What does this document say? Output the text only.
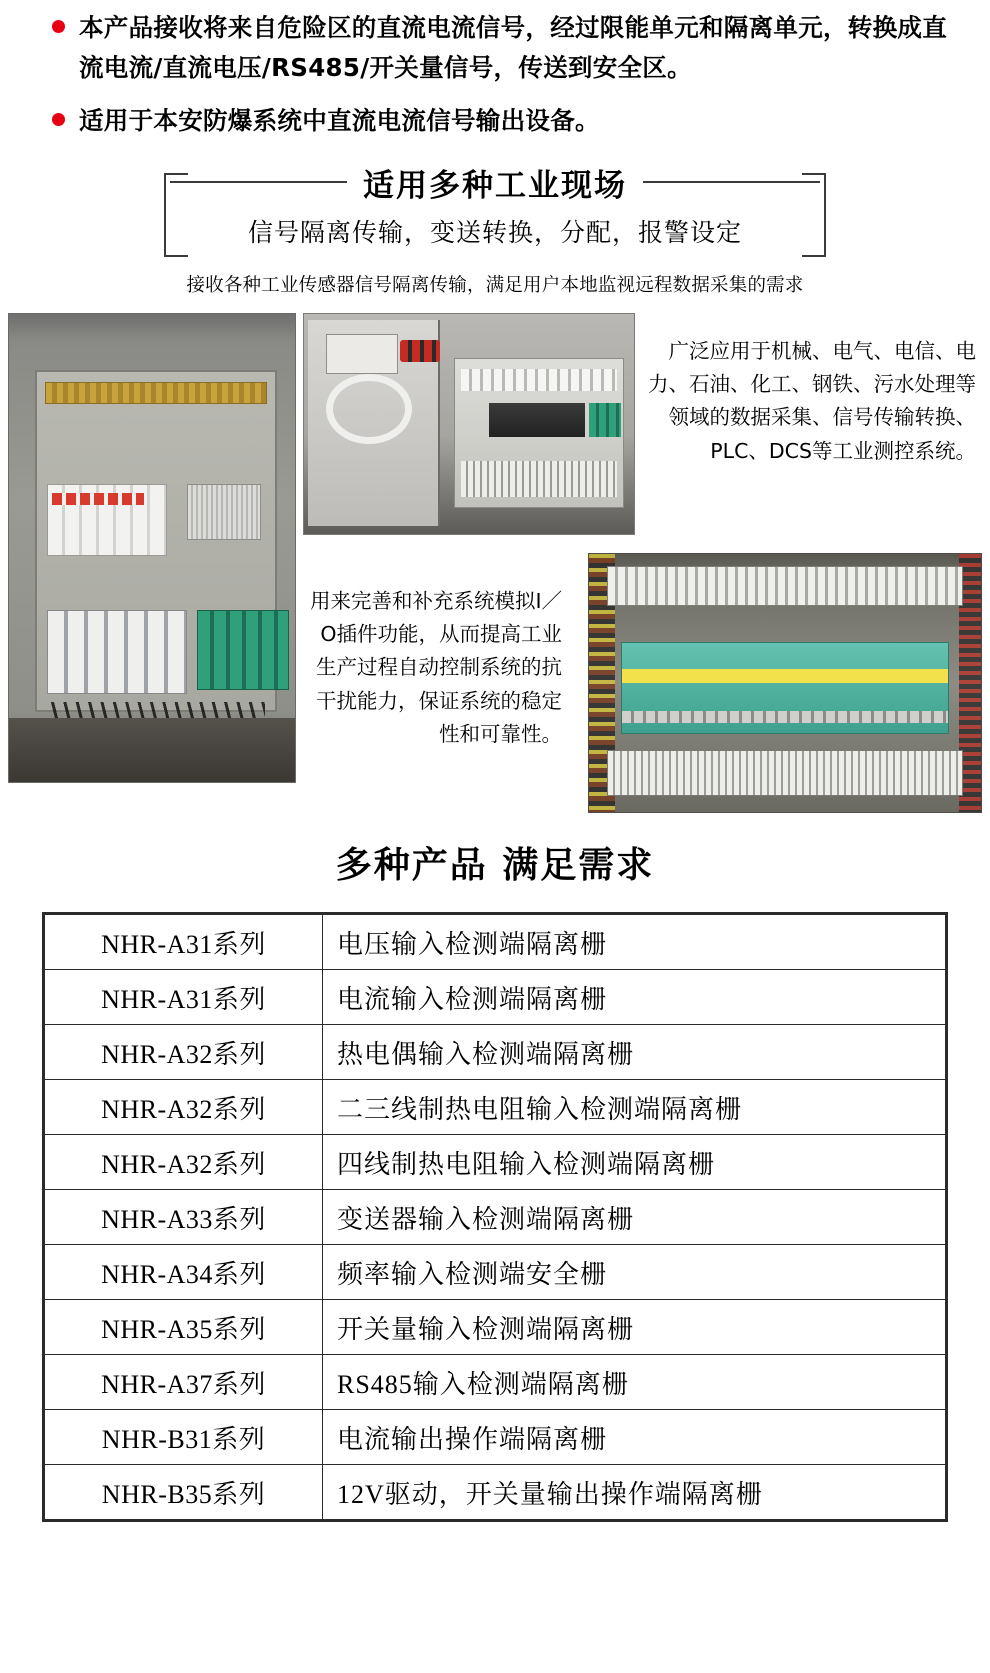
本产品接收将来自危险区的直流电流信号，经过限能单元和隔离单元，转换成直流电流/直流电压/RS485/开关量信号，传送到安全区。
适用于本安防爆系统中直流电流信号输出设备。
适用多种工业现场
信号隔离传输，变送转换，分配，报警设定
接收各种工业传感器信号隔离传输，满足用户本地监视远程数据采集的需求
广泛应用于机械、电气、电信、电力、石油、化工、钢铁、污水处理等领域的数据采集、信号传输转换、PLC、DCS等工业测控系统。
用来完善和补充系统模拟I／O插件功能，从而提高工业生产过程自动控制系统的抗干扰能力，保证系统的稳定性和可靠性。
多种产品 满足需求
NHR-A31系列	电压输入检测端隔离栅
NHR-A31系列	电流输入检测端隔离栅
NHR-A32系列	热电偶输入检测端隔离栅
NHR-A32系列	二三线制热电阻输入检测端隔离栅
NHR-A32系列	四线制热电阻输入检测端隔离栅
NHR-A33系列	变送器输入检测端隔离栅
NHR-A34系列	频率输入检测端安全栅
NHR-A35系列	开关量输入检测端隔离栅
NHR-A37系列	RS485输入检测端隔离栅
NHR-B31系列	电流输出操作端隔离栅
NHR-B35系列	12V驱动，开关量输出操作端隔离栅
